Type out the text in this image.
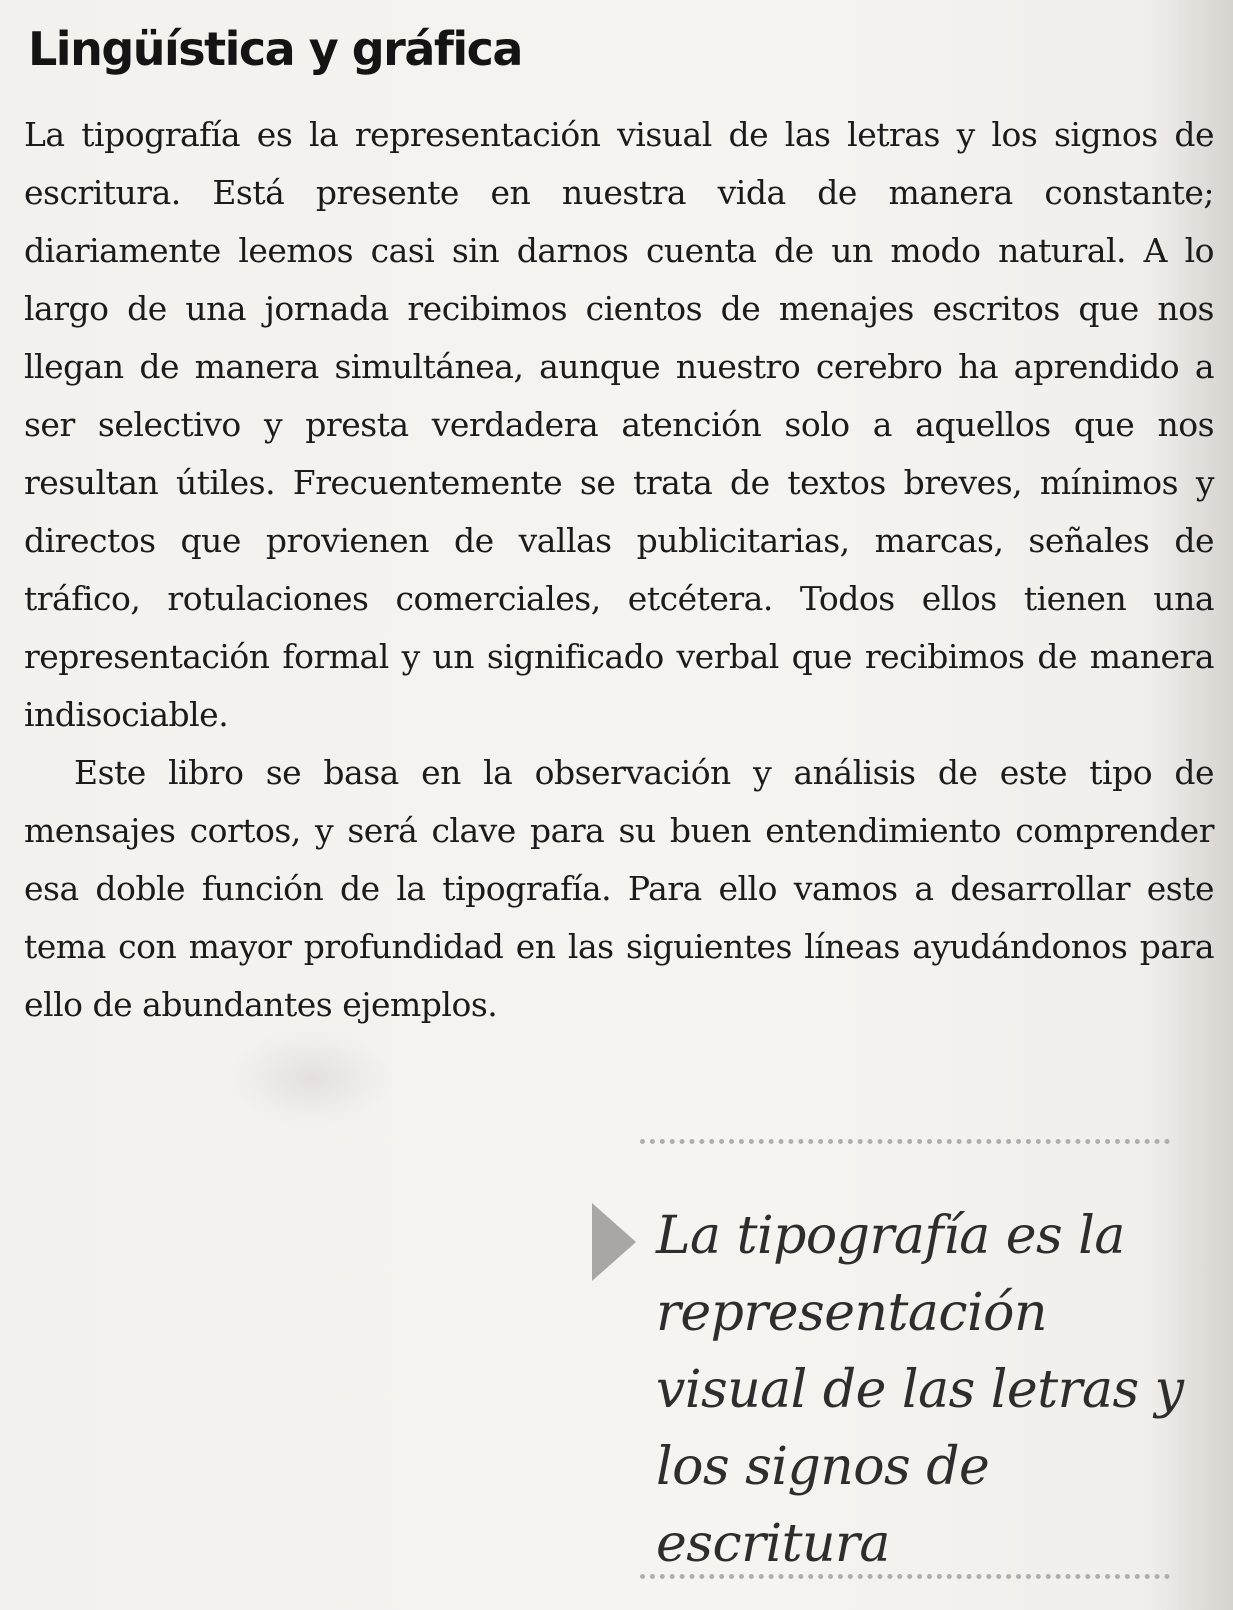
Lingüística y gráfica

La tipografía es la representación visual de las letras y los signos de escritura. Está presente en nuestra vida de manera constante; diariamente leemos casi sin darnos cuenta de un modo natural. A lo largo de una jornada recibimos cientos de menajes escritos que nos llegan de manera simultánea, aunque nuestro cerebro ha aprendido a ser selectivo y presta verdadera atención solo a aquellos que nos resultan útiles. Frecuentemente se trata de textos breves, mínimos y directos que provienen de vallas publicitarias, marcas, señales de tráfico, rotulaciones comerciales, etcétera. Todos ellos tienen una representación formal y un significado verbal que recibimos de manera indisociable.

Este libro se basa en la observación y análisis de este tipo de mensajes cortos, y será clave para su buen entendimiento comprender esa doble función de la tipografía. Para ello vamos a desarrollar este tema con mayor profundidad en las siguientes líneas ayudándonos para ello de abundantes ejemplos.

La tipografía es la representación visual de las letras y los signos de escritura
